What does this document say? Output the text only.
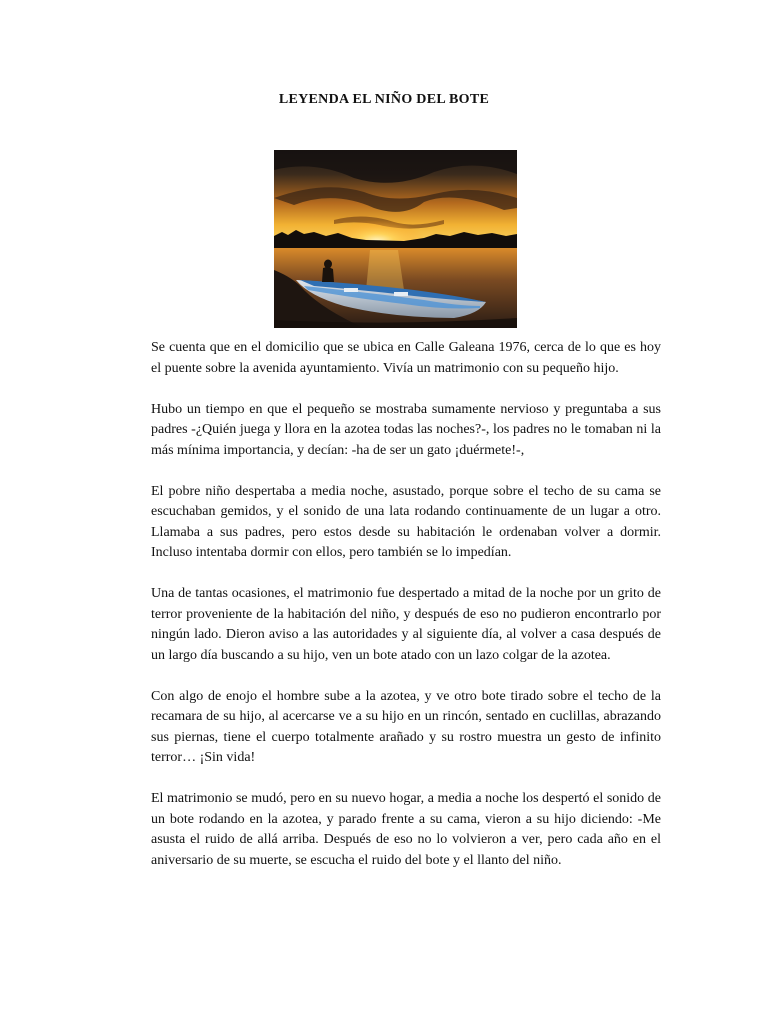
LEYENDA EL NIÑO DEL BOTE

Se cuenta que en el domicilio que se ubica en Calle Galeana 1976, cerca de lo que es hoy el puente sobre la avenida ayuntamiento. Vivía un matrimonio con su pequeño hijo.

Hubo un tiempo en que el pequeño se mostraba sumamente nervioso y preguntaba a sus padres -¿Quién juega y llora en la azotea todas las noches?-, los padres no le tomaban ni la más mínima importancia, y decían: -ha de ser un gato ¡duérmete!-,

El pobre niño despertaba a media noche, asustado, porque sobre el techo de su cama se escuchaban gemidos, y el sonido de una lata rodando continuamente de un lugar a otro. Llamaba a sus padres, pero estos desde su habitación le ordenaban volver a dormir. Incluso intentaba dormir con ellos, pero también se lo impedían.

Una de tantas ocasiones, el matrimonio fue despertado a mitad de la noche por un grito de terror proveniente de la habitación del niño, y después de eso no pudieron encontrarlo por ningún lado. Dieron aviso a las autoridades y al siguiente día, al volver a casa después de un largo día buscando a su hijo, ven un bote atado con un lazo colgar de la azotea.

Con algo de enojo el hombre sube a la azotea, y ve otro bote tirado sobre el techo de la recamara de su hijo, al acercarse ve a su hijo en un rincón, sentado en cuclillas, abrazando sus piernas, tiene el cuerpo totalmente arañado y su rostro muestra un gesto de infinito terror… ¡Sin vida!

El matrimonio se mudó, pero en su nuevo hogar, a media a noche los despertó el sonido de un bote rodando en la azotea, y parado frente a su cama, vieron a su hijo diciendo: -Me asusta el ruido de allá arriba. Después de eso no lo volvieron a ver, pero cada año en el aniversario de su muerte, se escucha el ruido del bote y el llanto del niño.
